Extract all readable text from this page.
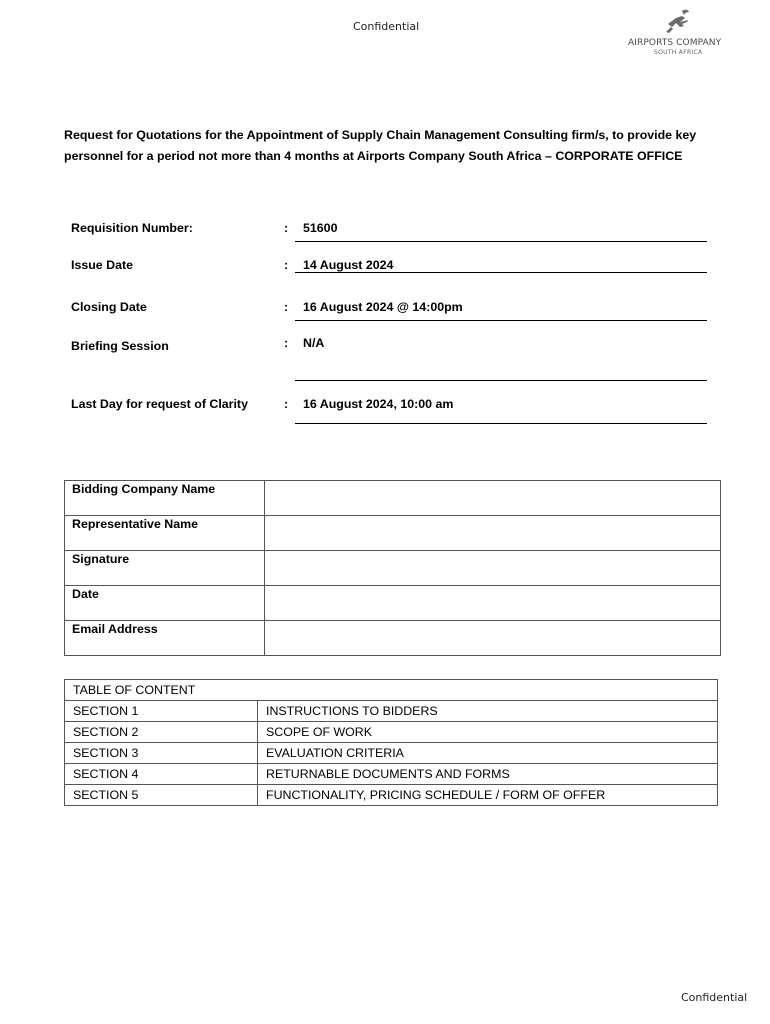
Confidential
AIRPORTS COMPANY
SOUTH AFRICA
Request for Quotations for the Appointment of Supply Chain Management Consulting firm/s, to provide key personnel for a period not more than 4 months at Airports Company South Africa – CORPORATE OFFICE
Requisition Number:	: 51600
Issue Date	: 14 August 2024
Closing Date	: 16 August 2024 @ 14:00pm
Briefing Session	: N/A
Last Day for request of Clarity	: 16 August 2024, 10:00 am
Bidding Company Name	
Representative Name	
Signature	
Date	
Email Address	
TABLE OF CONTENT	
SECTION 1	INSTRUCTIONS TO BIDDERS
SECTION 2	SCOPE OF WORK
SECTION 3	EVALUATION CRITERIA
SECTION 4	RETURNABLE DOCUMENTS AND FORMS
SECTION 5	FUNCTIONALITY, PRICING SCHEDULE / FORM OF OFFER
Confidential
